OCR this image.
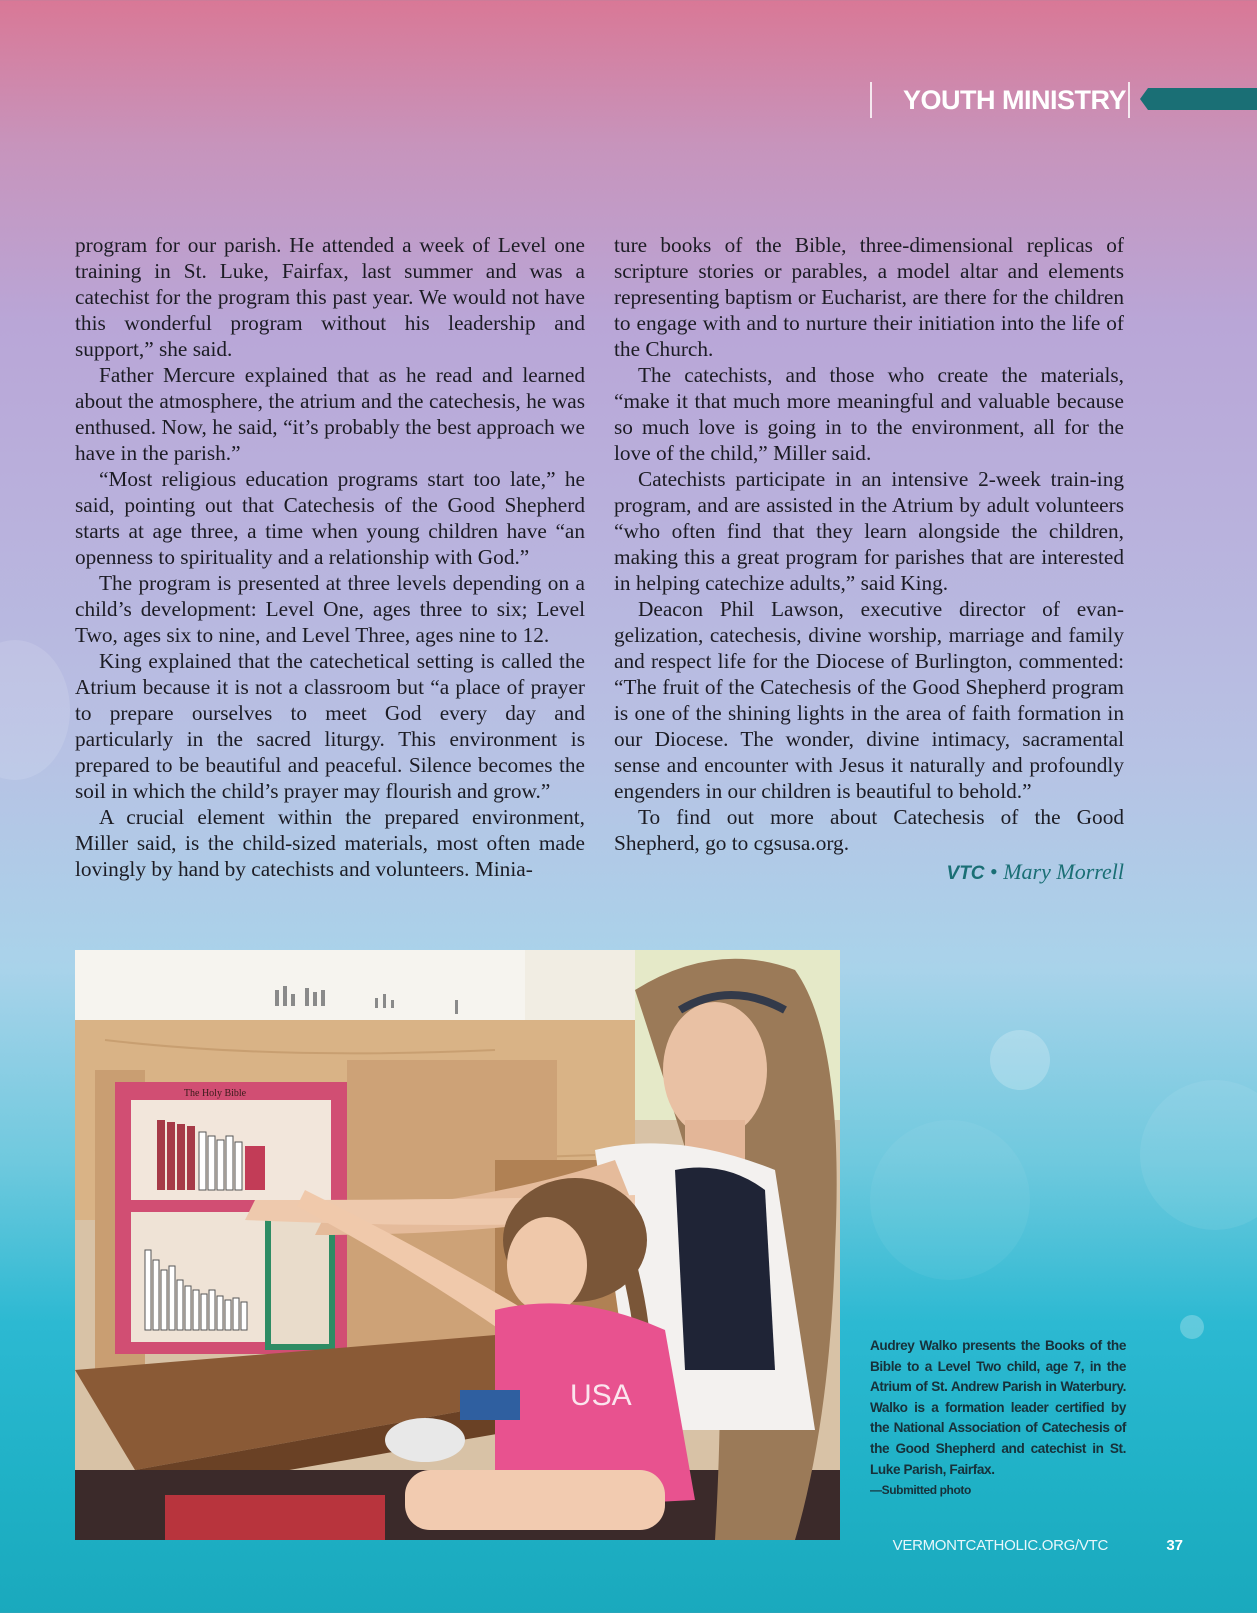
YOUTH MINISTRY

program for our parish. He attended a week of Level one training in St. Luke, Fairfax, last summer and was a catechist for the program this past year. We would not have this wonderful program without his leadership and support,” she said.

Father Mercure explained that as he read and learned about the atmosphere, the atrium and the catechesis, he was enthused. Now, he said, “it’s probably the best approach we have in the parish.”

“Most religious education programs start too late,” he said, pointing out that Catechesis of the Good Shepherd starts at age three, a time when young children have “an openness to spirituality and a relationship with God.”

The program is presented at three levels depending on a child’s development: Level One, ages three to six; Level Two, ages six to nine, and Level Three, ages nine to 12.

King explained that the catechetical setting is called the Atrium because it is not a classroom but “a place of prayer to prepare ourselves to meet God every day and particularly in the sacred liturgy. This environment is prepared to be beautiful and peaceful. Silence becomes the soil in which the child’s prayer may flourish and grow.”

A crucial element within the prepared environment, Miller said, is the child-sized materials, most often made lovingly by hand by catechists and volunteers. Minia-

ture books of the Bible, three-dimensional replicas of scripture stories or parables, a model altar and elements representing baptism or Eucharist, are there for the children to engage with and to nurture their initiation into the life of the Church.

The catechists, and those who create the materials, “make it that much more meaningful and valuable because so much love is going in to the environment, all for the love of the child,” Miller said.

Catechists participate in an intensive 2-week train-ing program, and are assisted in the Atrium by adult volunteers “who often find that they learn alongside the children, making this a great program for parishes that are interested in helping catechize adults,” said King.

Deacon Phil Lawson, executive director of evan-gelization, catechesis, divine worship, marriage and family and respect life for the Diocese of Burlington, commented: “The fruit of the Catechesis of the Good Shepherd program is one of the shining lights in the area of faith formation in our Diocese. The wonder, divine intimacy, sacramental sense and encounter with Jesus it naturally and profoundly engenders in our children is beautiful to behold.”

To find out more about Catechesis of the Good Shepherd, go to cgsusa.org.

VTC • Mary Morrell
The Holy Bible
USA
Audrey Walko presents the Books of the Bible to a Level Two child, age 7, in the Atrium of St. Andrew Parish in Waterbury. Walko is a formation leader certified by the National Association of Catechesis of the Good Shepherd and catechist in St. Luke Parish, Fairfax.
—Submitted photo
VERMONTCATHOLIC.ORG/VTC	37
